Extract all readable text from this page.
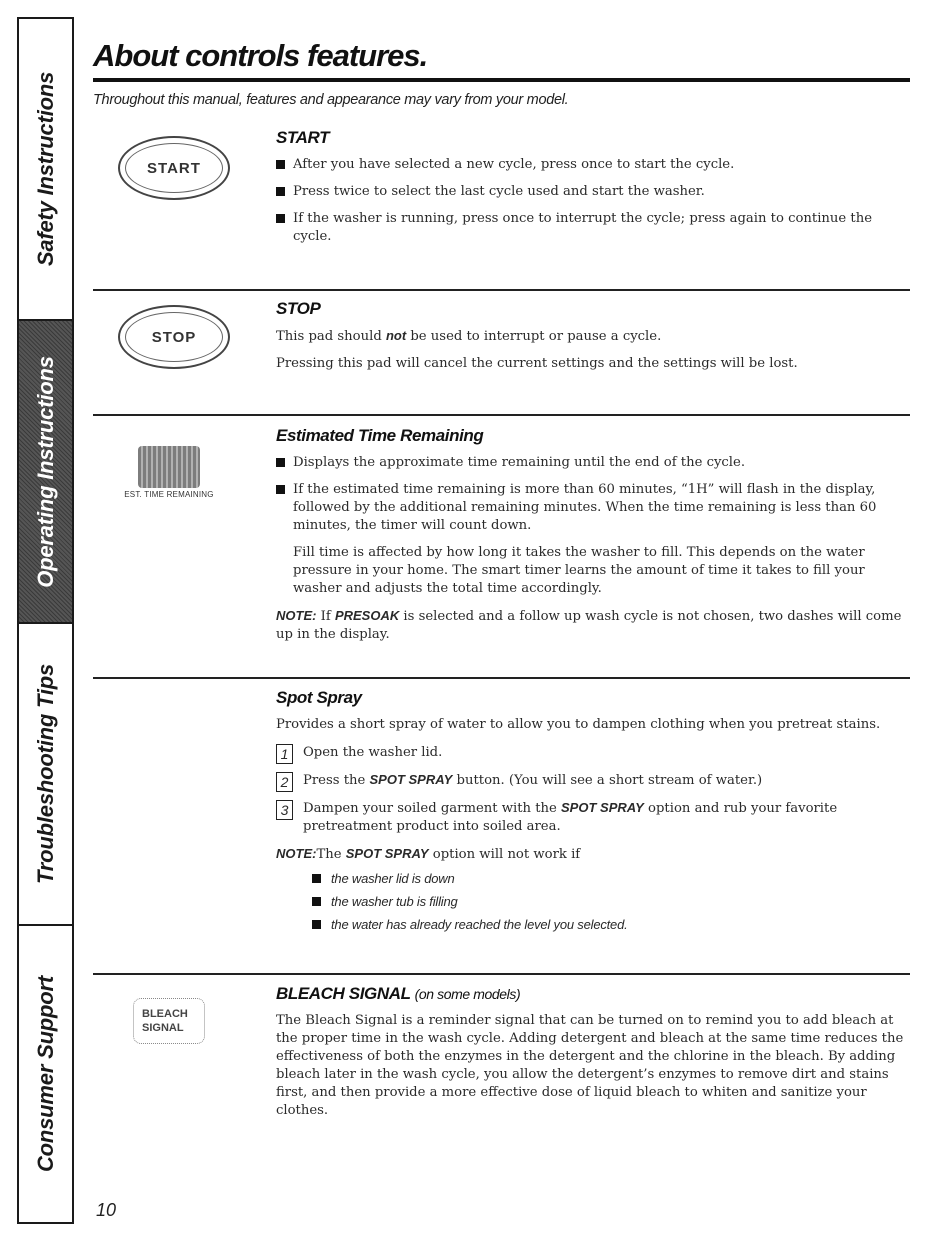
Safety Instructions
Operating Instructions
Troubleshooting Tips
Consumer Support
About controls features.
Throughout this manual, features and appearance may vary from your model.
START
START
After you have selected a new cycle, press once to start the cycle.
Press twice to select the last cycle used and start the washer.
If the washer is running, press once to interrupt the cycle; press again to continue the cycle.
STOP
STOP

This pad should not be used to interrupt or pause a cycle.

Pressing this pad will cancel the current settings and the settings will be lost.

EST. TIME REMAINING
Estimated Time Remaining
Displays the approximate time remaining until the end of the cycle.
If the estimated time remaining is more than 60 minutes, “1H” will flash in the display, followed by the additional remaining minutes. When the time remaining is less than 60 minutes, the timer will count down.

Fill time is affected by how long it takes the washer to fill. This depends on the water pressure in your home. The smart timer learns the amount of time it takes to fill your washer and adjusts the total time accordingly.

NOTE: If PRESOAK is selected and a follow up wash cycle is not chosen, two dashes will come up in the display.

Spot Spray

Provides a short spray of water to allow you to dampen clothing when you pretreat stains.

1	Open the washer lid.
2	Press the SPOT SPRAY button. (You will see a short stream of water.)
3	Dampen your soiled garment with the SPOT SPRAY option and rub your favorite pretreatment product into soiled area.

NOTE:The SPOT SPRAY option will not work if

the washer lid is down
the washer tub is filling
the water has already reached the level you selected.
BLEACH
SIGNAL
BLEACH SIGNAL (on some models)

The Bleach Signal is a reminder signal that can be turned on to remind you to add bleach at the proper time in the wash cycle. Adding detergent and bleach at the same time reduces the effectiveness of both the enzymes in the detergent and the chlorine in the bleach. By adding bleach later in the wash cycle, you allow the detergent’s enzymes to remove dirt and stains first, and then provide a more effective dose of liquid bleach to whiten and sanitize your clothes.

10
